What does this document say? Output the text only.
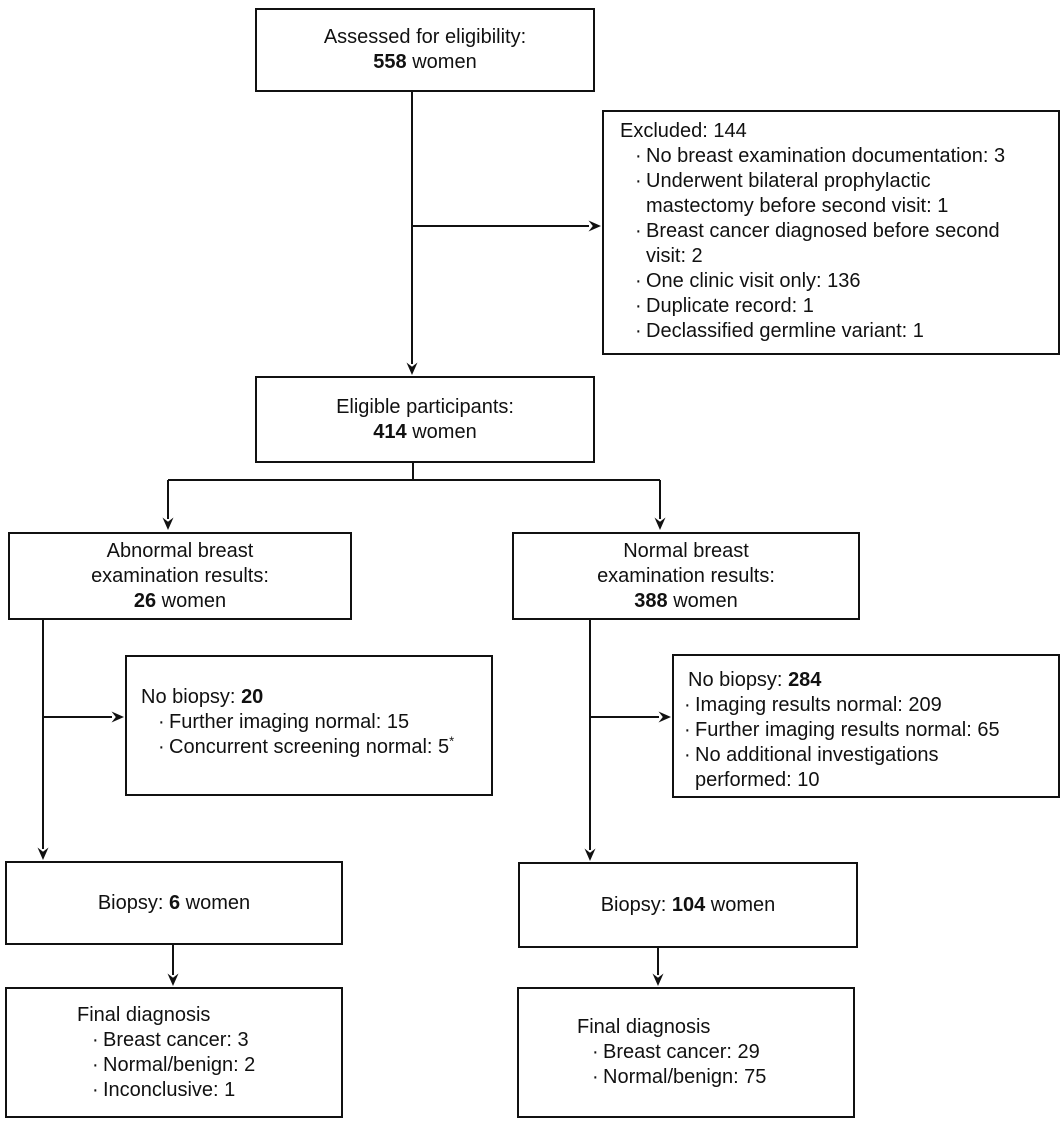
Assessed for eligibility:
558 women
Excluded: 144
· No breast examination documentation: 3
· Underwent bilateral prophylactic mastectomy before second visit: 1
· Breast cancer diagnosed before second visit: 2
· One clinic visit only: 136
· Duplicate record: 1
· Declassified germline variant: 1
Eligible participants:
414 women
Abnormal breast
examination results:
26 women
Normal breast
examination results:
388 women
No biopsy: 20
· Further imaging normal: 15
· Concurrent screening normal: 5*
No biopsy: 284
· Imaging results normal: 209
· Further imaging results normal: 65
· No additional investigations performed: 10
Biopsy: 6 women	Biopsy: 104 women
Final diagnosis
· Breast cancer: 3
· Normal/benign: 2
· Inconclusive: 1
Final diagnosis
· Breast cancer: 29
· Normal/benign: 75
